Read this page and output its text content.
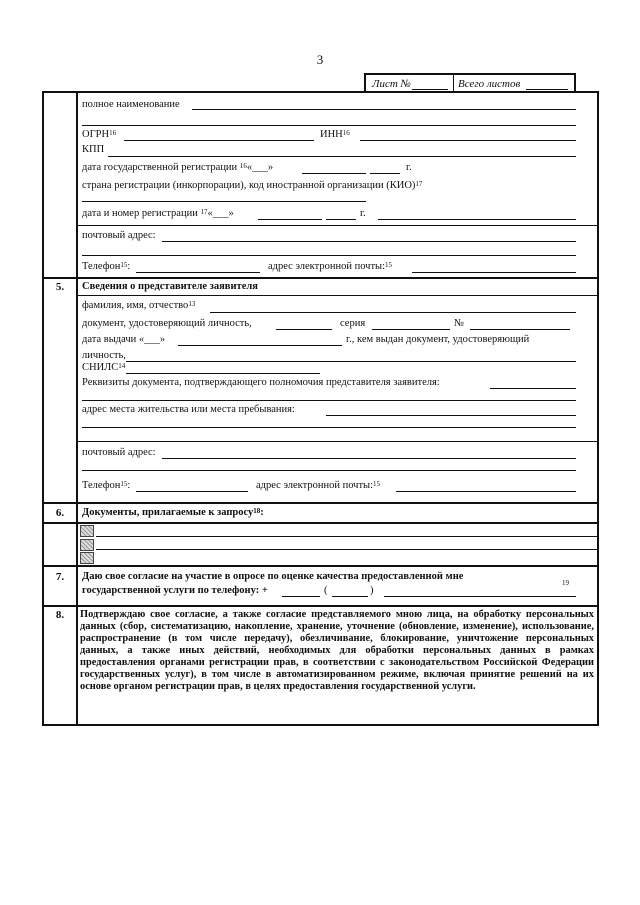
3
Лист №	Всего листов
полное наименование
ОГРН$^{16}$	ИНН$^{16}$
КПП
дата государственной регистрации $^{16}$«___»	г.
страна регистрации (инкорпорации), код иностранной организации (КИО)$^{17}$
дата и номер регистрации $^{17}$«___»	г.
почтовый адрес:
Телефон$^{15}$:	адрес электронной почты:$^{15}$
5.	Сведения о представителе заявителя
фамилия, имя, отчество$^{13}$
документ, удостоверяющий личность,	серия	№
дата выдачи «___»	г., кем выдан документ, удостоверяющий
личность,
СНИЛС$^{14}$
Реквизиты документа, подтверждающего полномочия представителя заявителя:
адрес места жительства или места пребывания:
почтовый адрес:
Телефон$^{15}$:	адрес электронной почты:$^{15}$
6.	Документы, прилагаемые к запросу$^{18}$:
7.	Даю свое согласие на участие в опросе по оценке качества предоставленной мне
государственной услуги по телефону: +	(	)
$^{19}$
8.	Подтверждаю свое согласие, а также согласие представляемого мною лица, на обработку персональных данных (сбор, систематизацию, накопление, хранение, уточнение (обновление, изменение), использование, распространение (в том числе передачу), обезличивание, блокирование, уничтожение персональных данных, а также иных действий, необходимых для обработки персональных данных в рамках предоставления органами регистрации прав, в соответствии с законодательством Российской Федерации государственных услуг), в том числе в автоматизированном режиме, включая принятие решений на их основе органом регистрации прав, в целях предоставления государственной услуги.
